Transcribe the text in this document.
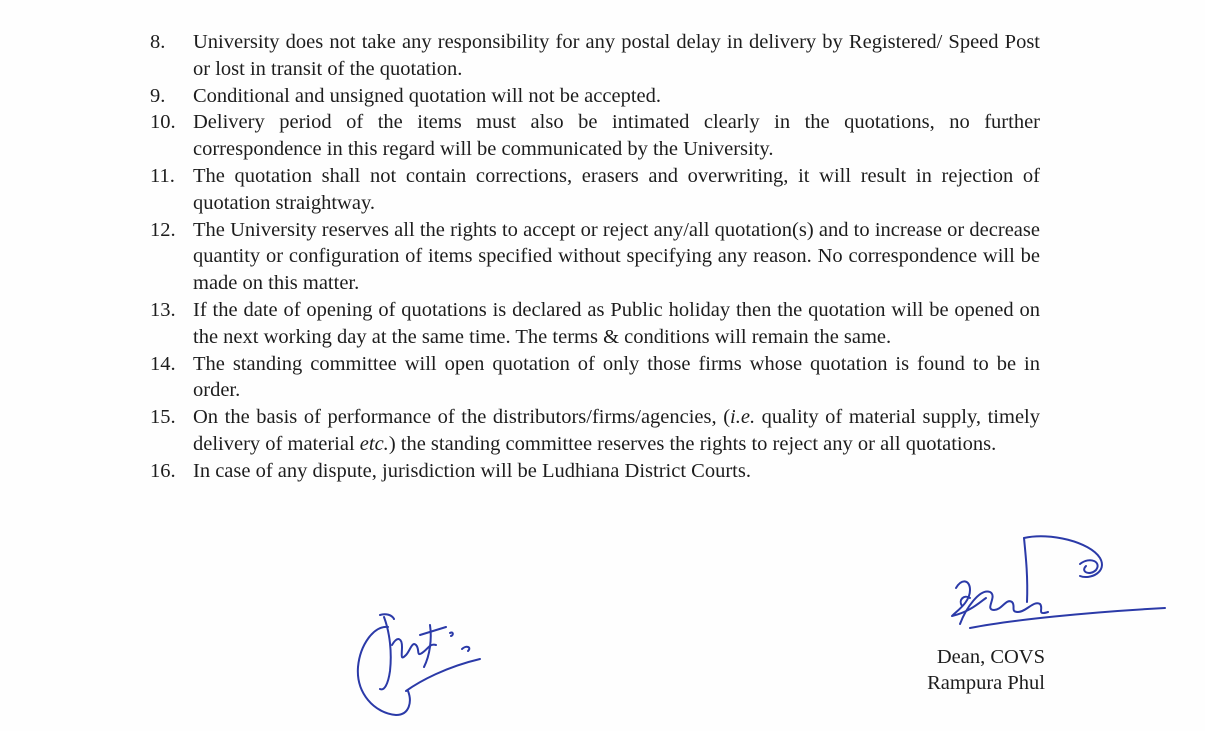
8.	University does not take any responsibility for any postal delay in delivery by Registered/ Speed Post or lost in transit of the quotation.
9.	Conditional and unsigned quotation will not be accepted.
10. Delivery period of the items must also be intimated clearly in the quotations, no further correspondence in this regard will be communicated by the University.
11. The quotation shall not contain corrections, erasers and overwriting, it will result in rejection of quotation straightway.
12. The University reserves all the rights to accept or reject any/all quotation(s) and to increase or decrease quantity or configuration of items specified without specifying any reason. No correspondence will be made on this matter.
13. If the date of opening of quotations is declared as Public holiday then the quotation will be opened on the next working day at the same time. The terms & conditions will remain the same.
14. The standing committee will open quotation of only those firms whose quotation is found to be in order.
15. On the basis of performance of the distributors/firms/agencies, (i.e. quality of material supply, timely delivery of material etc.) the standing committee reserves the rights to reject any or all quotations.
16. In case of any dispute, jurisdiction will be Ludhiana District Courts.
Dean, COVS
Rampura Phul
